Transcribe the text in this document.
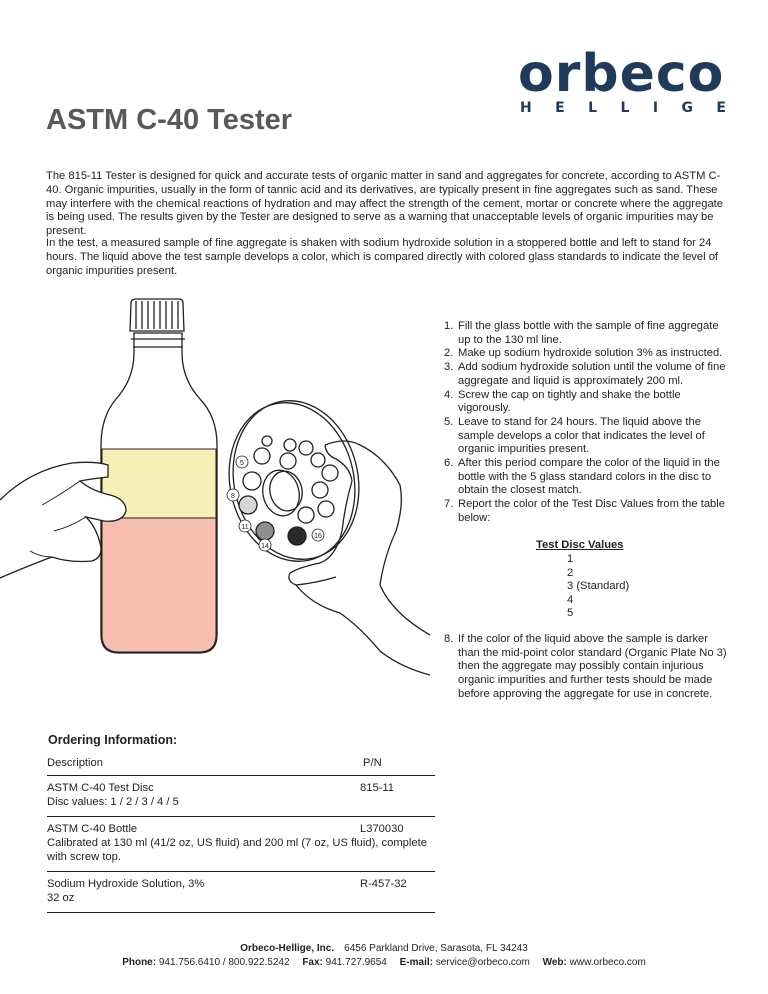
orbeco
H E L L I G E
ASTM C-40 Tester

The 815-11 Tester is designed for quick and accurate tests of organic matter in sand and aggregates for concrete, according to ASTM C-40. Organic impurities, usually in the form of tannic acid and its derivatives, are typically present in fine aggregates such as sand. These may interfere with the chemical reactions of hydration and may affect the strength of the cement, mortar or concrete where the aggregate is being used. The results given by the Tester are designed to serve as a warning that unacceptable levels of organic impurities may be present.

In the test, a measured sample of fine aggregate is shaken with sodium hydroxide solution in a stoppered bottle and left to stand for 24 hours. The liquid above the test sample develops a color, which is compared directly with colored glass standards to indicate the level of organic impurities present.

5
8
11
14
16
1. Fill the glass bottle with the sample of fine aggregate up to the 130 ml line.
2. Make up sodium hydroxide solution 3% as instructed.
3. Add sodium hydroxide solution until the volume of fine aggregate and liquid is approximately 200 ml.
4. Screw the cap on tightly and shake the bottle vigorously.
5. Leave to stand for 24 hours. The liquid above the sample develops a color that indicates the level of organic impurities present.
6. After this period compare the color of the liquid in the bottle with the 5 glass standard colors in the disc to obtain the closest match.
7. Report the color of the Test Disc Values from the table below:
Test Disc Values
1
2
3 (Standard)
4
5
8. If the color of the liquid above the sample is darker than the mid-point color standard (Organic Plate No 3) then the aggregate may possibly contain injurious organic impurities and further tests should be made before approving the aggregate for use in concrete.
Ordering Information:
Description	P/N
ASTM C-40 Test Disc
Disc values: 1 / 2 / 3 / 4 / 5
815-11
ASTM C-40 Bottle
Calibrated at 130 ml (41/2 oz, US fluid) and 200 ml (7 oz, US fluid), complete with screw top.
L370030
Sodium Hydroxide Solution, 3%
32 oz
R-457-32
Orbeco-Hellige, Inc. 6456 Parkland Drive, Sarasota, FL 34243
Phone: 941.756.6410 / 800.922.5242 Fax: 941.727.9654 E-mail: service@orbeco.com Web: www.orbeco.com
